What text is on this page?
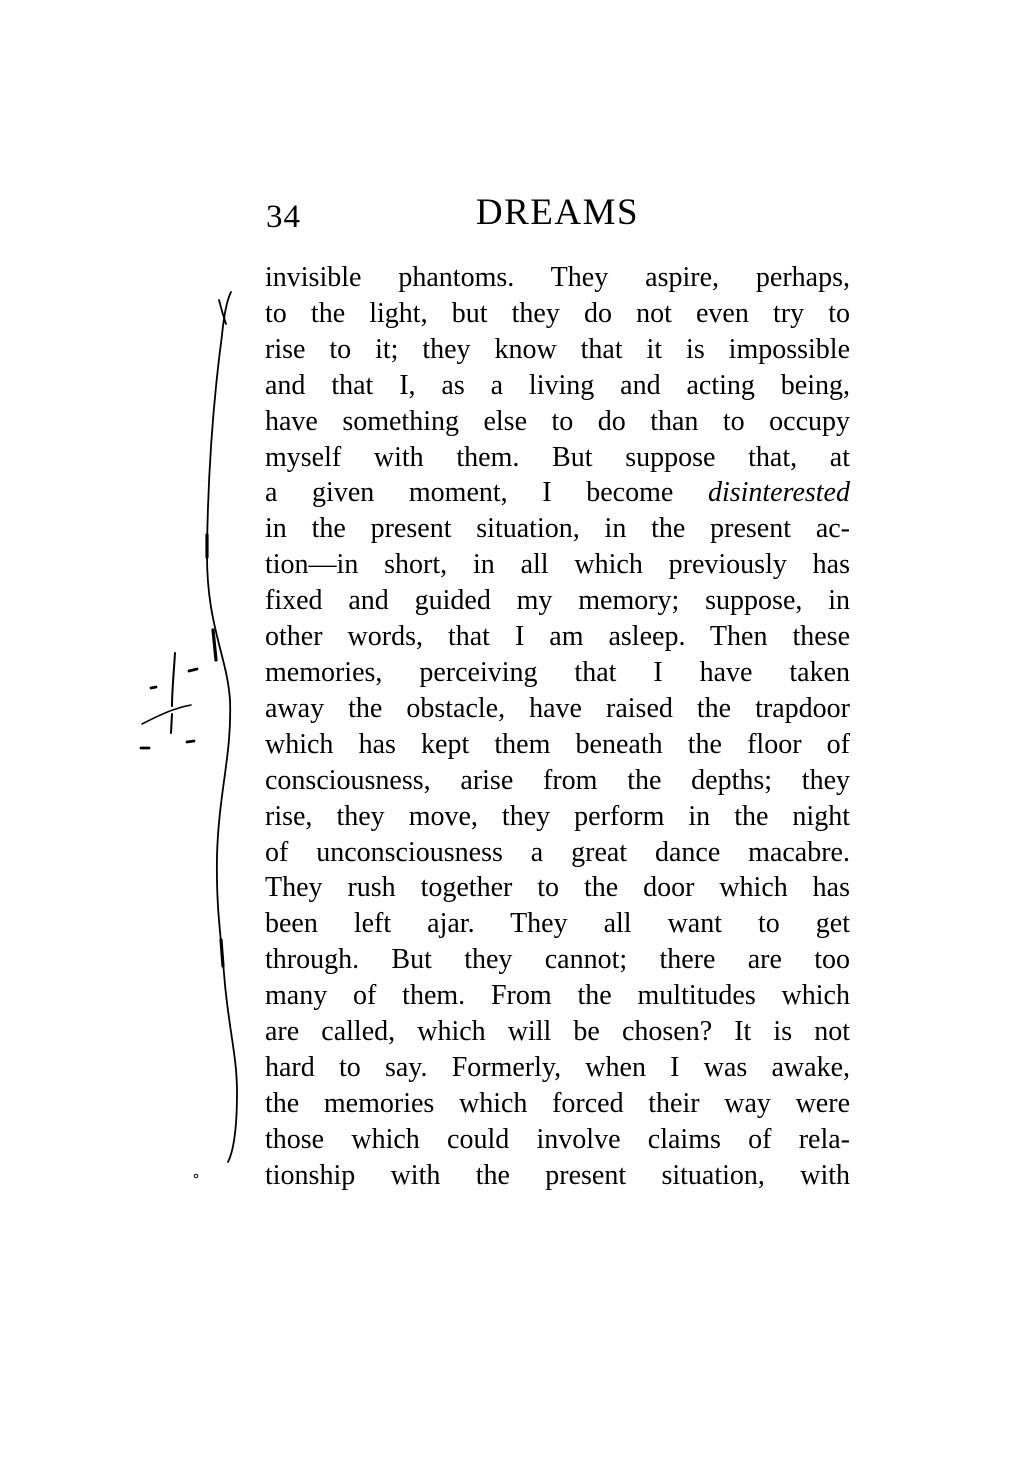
34	DREAMS
invisible phantoms. They aspire, perhaps,
to the light, but they do not even try to
rise to it; they know that it is impossible
and that I, as a living and acting being,
have something else to do than to occupy
myself with them. But suppose that, at
a given moment, I become disinterested
in the present situation, in the present ac-
tion—in short, in all which previously has
fixed and guided my memory; suppose, in
other words, that I am asleep. Then these
memories, perceiving that I have taken
away the obstacle, have raised the trapdoor
which has kept them beneath the floor of
consciousness, arise from the depths; they
rise, they move, they perform in the night
of unconsciousness a great dance macabre.
They rush together to the door which has
been left ajar. They all want to get
through. But they cannot; there are too
many of them. From the multitudes which
are called, which will be chosen? It is not
hard to say. Formerly, when I was awake,
the memories which forced their way were
those which could involve claims of rela-
tionship with the present situation, with
